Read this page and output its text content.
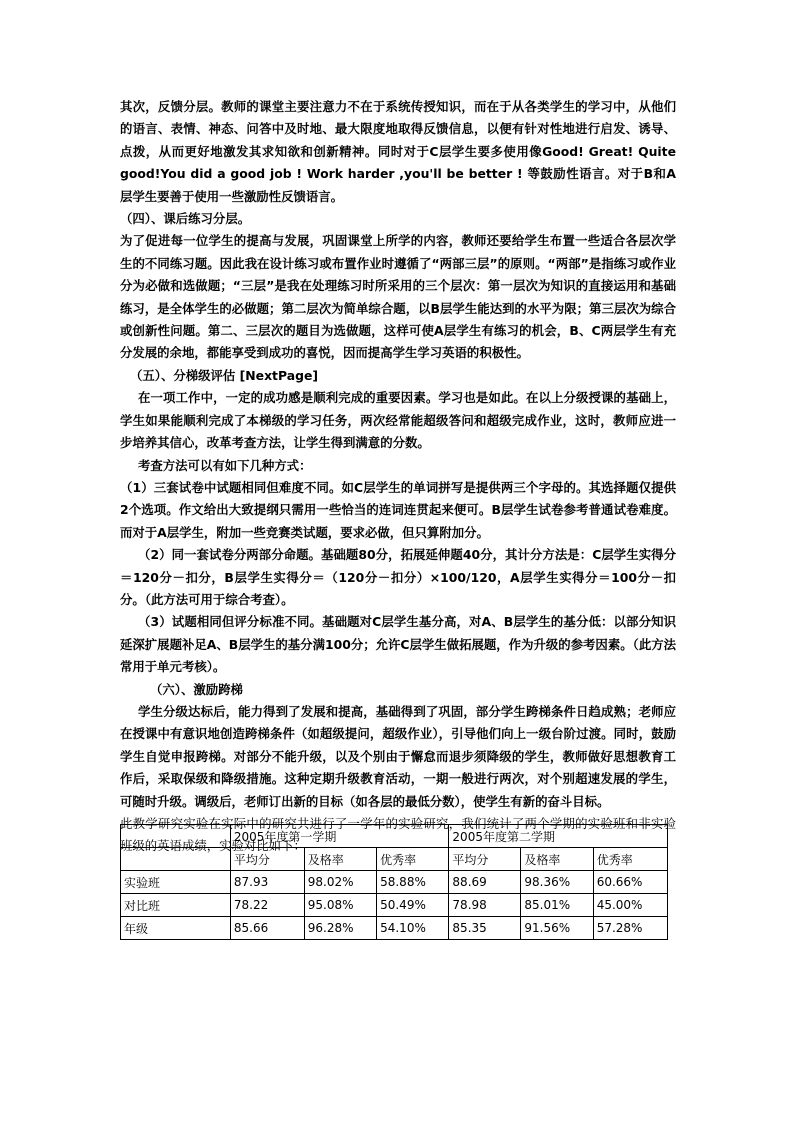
其次，反馈分层。教师的课堂主要注意力不在于系统传授知识，而在于从各类学生的学习中，从他们的语言、表情、神态、问答中及时地、最大限度地取得反馈信息，以便有针对性地进行启发、诱导、点拨，从而更好地激发其求知欲和创新精神。同时对于C层学生要多使用像Good! Great! Quite good!You did a good job ! Work harder ,you'll be better ! 等鼓励性语言。对于B和A层学生要善于使用一些激励性反馈语言。

（四）、课后练习分层。

为了促进每一位学生的提高与发展，巩固课堂上所学的内容，教师还要给学生布置一些适合各层次学生的不同练习题。因此我在设计练习或布置作业时遵循了“两部三层”的原则。“两部”是指练习或作业分为必做和选做题；“三层”是我在处理练习时所采用的三个层次：第一层次为知识的直接运用和基础练习，是全体学生的必做题；第二层次为简单综合题，以B层学生能达到的水平为限；第三层次为综合或创新性问题。第二、三层次的题目为选做题，这样可使A层学生有练习的机会，B、C两层学生有充分发展的余地，都能享受到成功的喜悦，因而提高学生学习英语的积极性。

（五）、分梯级评估 [NextPage]

在一项工作中，一定的成功感是顺利完成的重要因素。学习也是如此。在以上分级授课的基础上，学生如果能顺利完成了本梯级的学习任务，两次经常能超级答问和超级完成作业，这时，教师应进一步培养其信心，改革考查方法，让学生得到满意的分数。

考查方法可以有如下几种方式：

（1）三套试卷中试题相同但难度不同。如C层学生的单词拼写是提供两三个字母的。其选择题仅提供2个选项。作文给出大致提纲只需用一些恰当的连词连贯起来便可。B层学生试卷参考普通试卷难度。而对于A层学生，附加一些竞赛类试题，要求必做，但只算附加分。

（2）同一套试卷分两部分命题。基础题80分，拓展延伸题40分，其计分方法是：C层学生实得分＝120分－扣分，B层学生实得分＝（120分－扣分）×100/120，A层学生实得分＝100分－扣分。（此方法可用于综合考查）。

（3）试题相同但评分标准不同。基础题对C层学生基分高，对A、B层学生的基分低：以部分知识延深扩展题补足A、B层学生的基分满100分；允许C层学生做拓展题，作为升级的参考因素。（此方法常用于单元考核）。

（六）、激励跨梯

学生分级达标后，能力得到了发展和提高，基础得到了巩固，部分学生跨梯条件日趋成熟；老师应在授课中有意识地创造跨梯条件（如超级提问，超级作业），引导他们向上一级台阶过渡。同时，鼓励学生自觉申报跨梯。对部分不能升级，以及个别由于懈怠而退步须降级的学生，教师做好思想教育工作后，采取保级和降级措施。这种定期升级教育活动，一期一般进行两次，对个别超速发展的学生，可随时升级。调级后，老师订出新的目标（如各层的最低分数），使学生有新的奋斗目标。

此教学研究实验在实际中的研究共进行了一学年的实验研究，我们统计了两个学期的实验班和非实验班级的英语成绩，实验对比如下：

	2005年度第一学期			2005年度第二学期		
	平均分	及格率	优秀率	平均分	及格率	优秀率
实验班	87.93	98.02%	58.88%	88.69	98.36%	60.66%
对比班	78.22	95.08%	50.49%	78.98	85.01%	45.00%
年级	85.66	96.28%	54.10%	85.35	91.56%	57.28%
